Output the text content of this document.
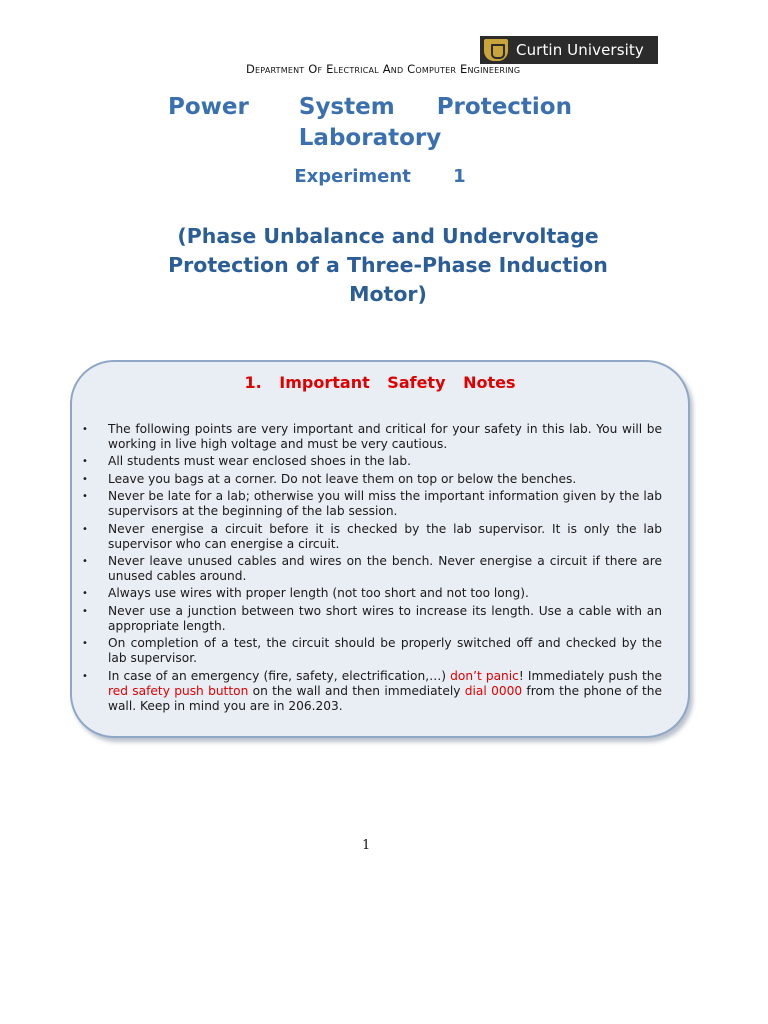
Curtin University
Department Of Electrical And Computer Engineering
Power System Protection
Laboratory
Experiment 1
(Phase Unbalance and Undervoltage
Protection of a Three-Phase Induction
Motor)
1. Important Safety Notes
• The following points are very important and critical for your safety in this lab. You will be working in live high voltage and must be very cautious.
• All students must wear enclosed shoes in the lab.
• Leave you bags at a corner. Do not leave them on top or below the benches.
• Never be late for a lab; otherwise you will miss the important information given by the lab supervisors at the beginning of the lab session.
• Never energise a circuit before it is checked by the lab supervisor. It is only the lab supervisor who can energise a circuit.
• Never leave unused cables and wires on the bench. Never energise a circuit if there are unused cables around.
• Always use wires with proper length (not too short and not too long).
• Never use a junction between two short wires to increase its length. Use a cable with an appropriate length.
• On completion of a test, the circuit should be properly switched off and checked by the lab supervisor.
• In case of an emergency (fire, safety, electrification,…) don’t panic! Immediately push the red safety push button on the wall and then immediately dial 0000 from the phone of the wall. Keep in mind you are in 206.203.
1
